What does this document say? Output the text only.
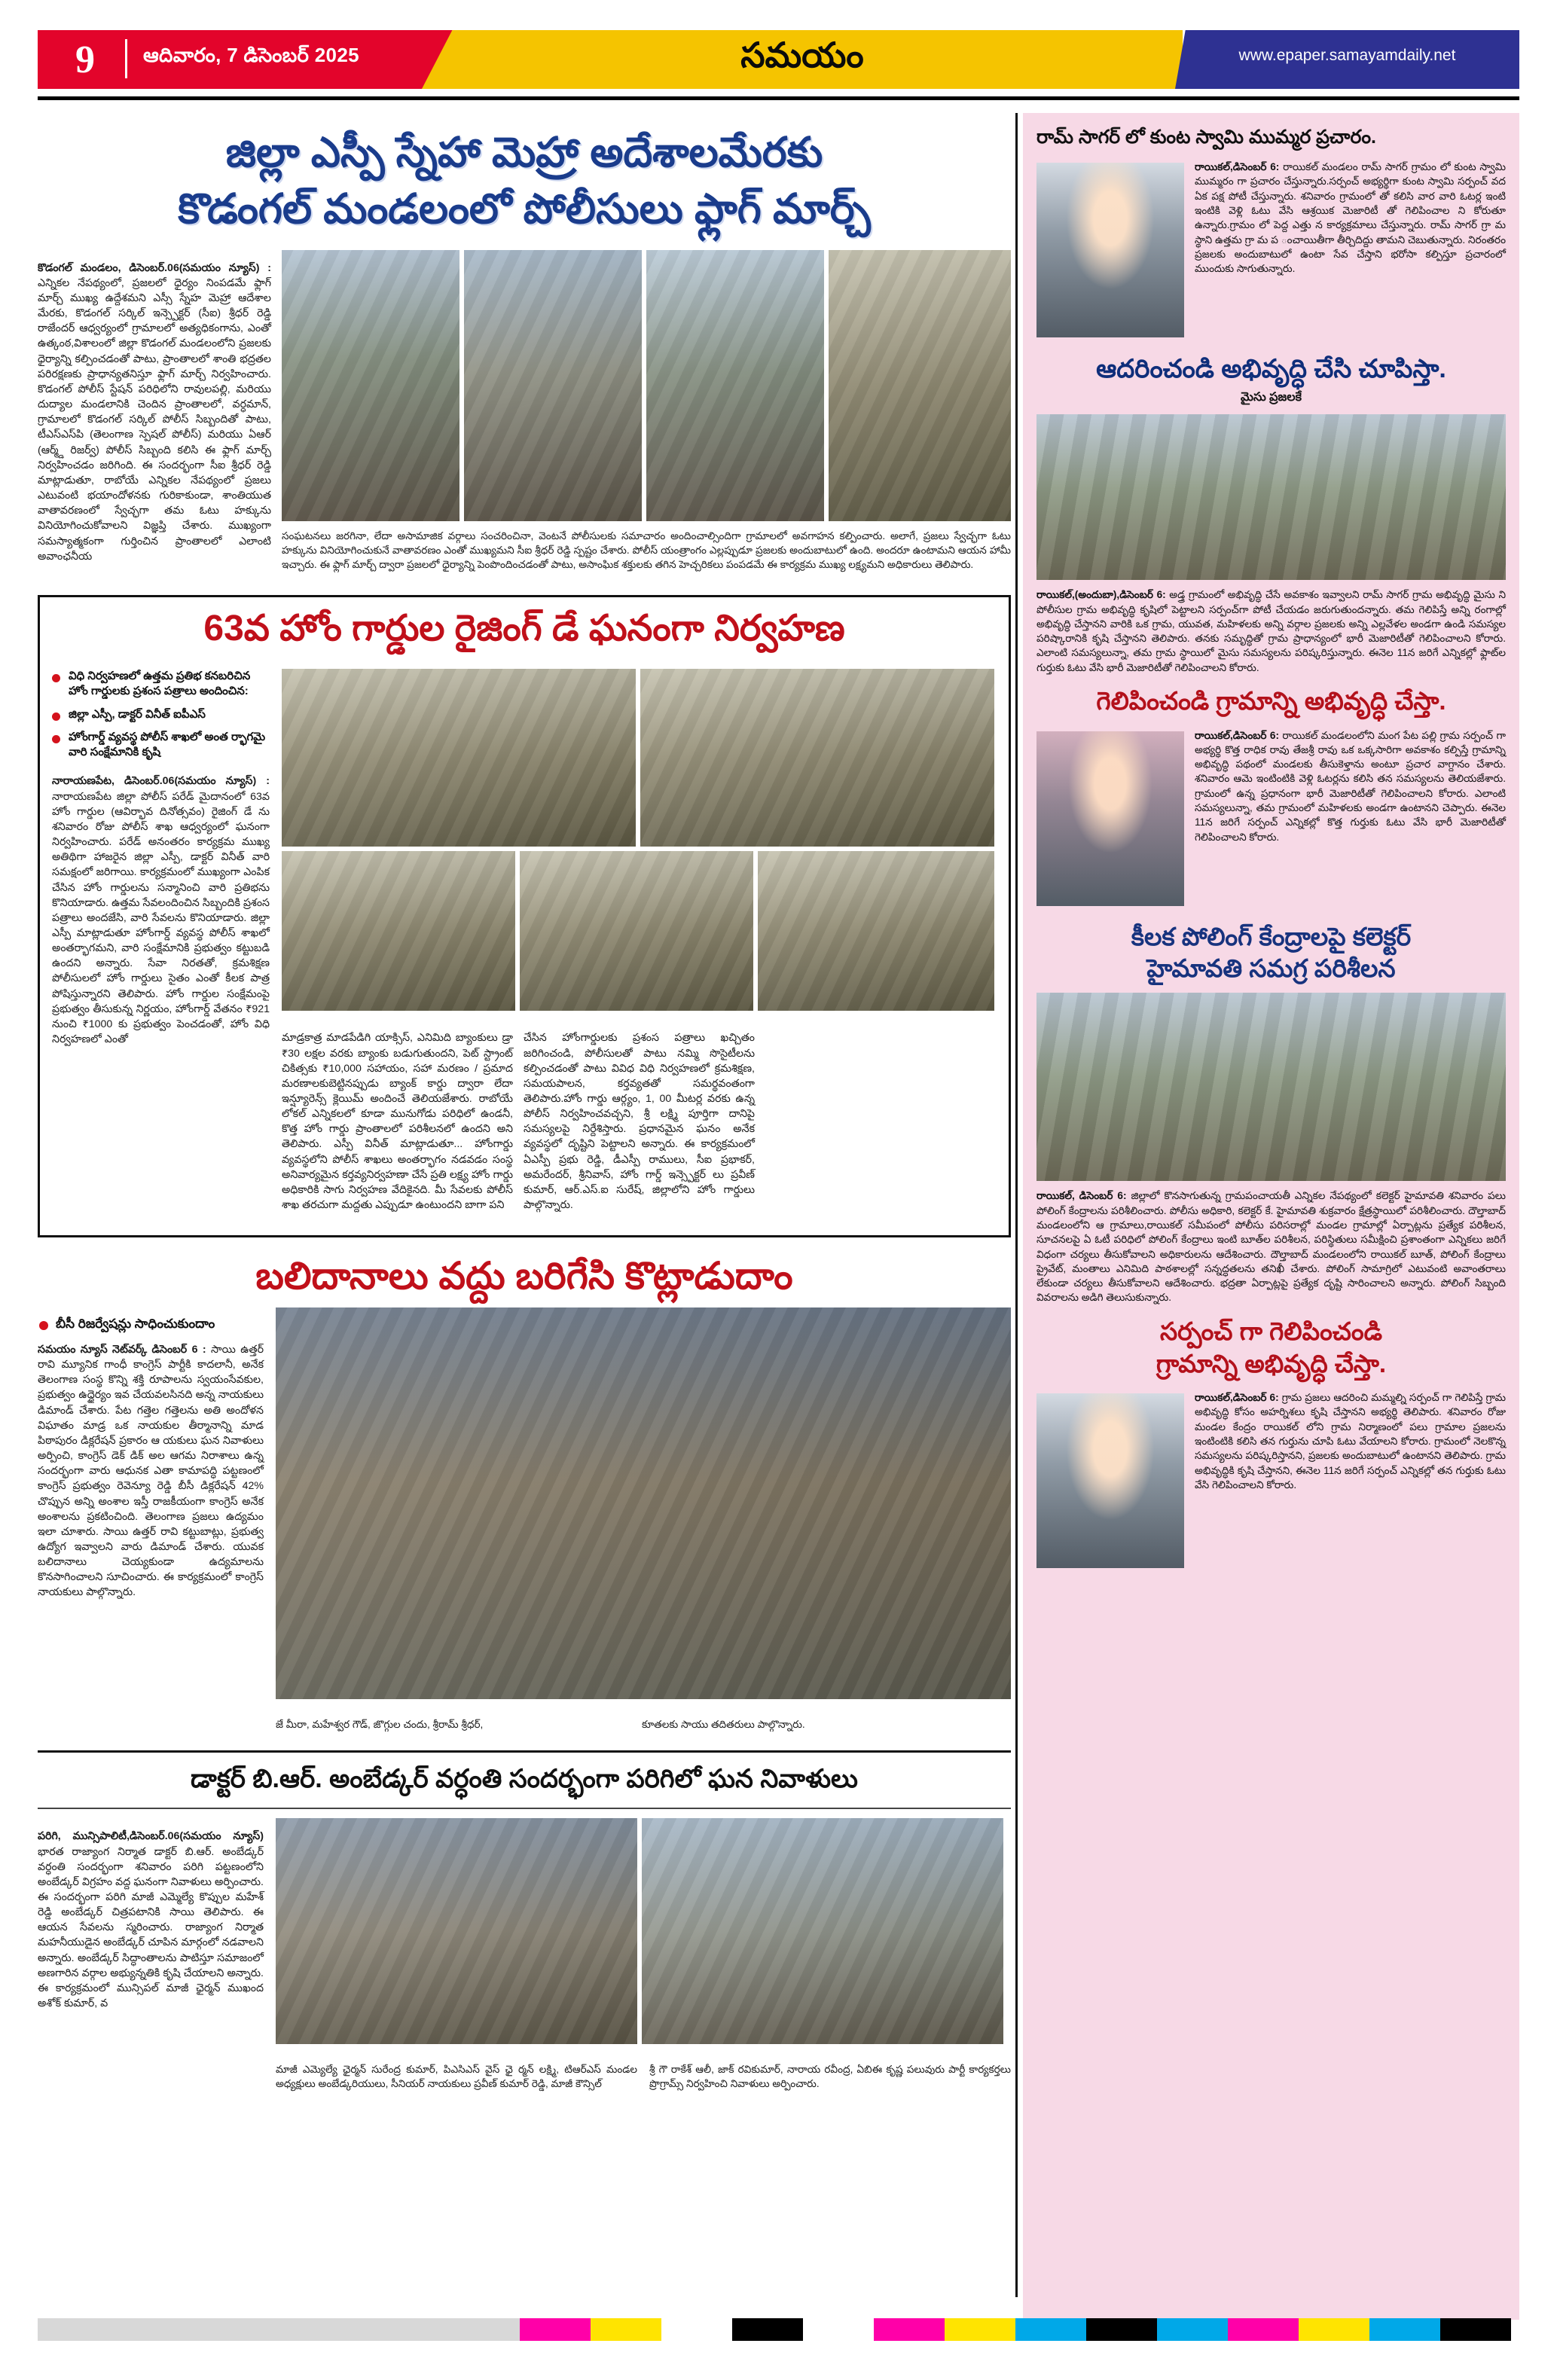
9	ఆదివారం, 7 డిసెంబర్ 2025	సమయం	www.epaper.samayamdaily.net
జిల్లా ఎస్పీ స్నేహా మెహ్రా అదేశాలమేరకు
కొడంగల్ మండలంలో పోలీసులు ఫ్లాగ్ మార్చ్

కొడంగల్ మండలం, డిసెంబర్.06(సమయం న్యూస్) : ఎన్నికల నేపథ్యంలో, ప్రజలలో ధైర్యం నింపడమే ఫ్లాగ్ మార్చ్ ముఖ్య ఉద్దేశమని ఎస్సీ స్నేహ మెహ్రా ఆదేశాల మేరకు, కొడంగల్ సర్కిల్ ఇన్స్పెక్టర్ (సీఐ) శ్రీధర్ రెడ్డి రాజేందర్ ఆధ్వర్యంలో గ్రామాలలో అత్యధికంగాను, ఎంతో ఉత్కంఠ,విశాలంలో జిల్లా కొడంగల్ మండలంలోని ప్రజలకు ధైర్యాన్ని కల్పించడంతో పాటు, ప్రాంతాలలో శాంతి భద్రతల పరిరక్షణకు ప్రాధాన్యతనిస్తూ ఫ్లాగ్ మార్చ్ నిర్వహించారు. కొడంగల్ పోలీస్ స్టేషన్ పరిధిలోని రావులపల్లి, మరియు దుద్యాల మండలానికి చెందిన ప్రాంతాలలో, వర్ధమాన్, గ్రామాలలో కొడంగల్ సర్కిల్ పోలీస్ సిబ్బందితో పాటు, టీఎస్‌ఎస్‌పి (తెలంగాణ స్పెషల్ పోలీస్) మరియు ఏఆర్ (ఆర్మ్డ్ రిజర్వ్) పోలీస్ సిబ్బంది కలిసి ఈ ఫ్లాగ్ మార్చ్ నిర్వహించడం జరిగింది. ఈ సందర్భంగా సీఐ శ్రీధర్ రెడ్డి మాట్లాడుతూ, రాబోయే ఎన్నికల నేపథ్యంలో ప్రజలు ఎటువంటి భయాందోళనకు గురికాకుండా, శాంతియుత వాతావరణంలో స్వేచ్ఛగా తమ ఓటు హక్కును వినియోగించుకోవాలని విజ్ఞప్తి చేశారు. ముఖ్యంగా సమస్యాత్మకంగా గుర్తించిన ప్రాంతాలలో ఎలాంటి అవాంఛనీయ

సంఘటనలు జరగినా, లేదా అసామాజిక వర్గాలు సంచరించినా, వెంటనే పోలీసులకు సమాచారం అందించాల్సిందిగా గ్రామాలలో అవగాహన కల్పించారు. అలాగే, ప్రజలు స్వేచ్ఛగా ఓటు హక్కును వినియోగించుకునే వాతావరణం ఎంతో ముఖ్యమని సీఐ శ్రీధర్ రెడ్డి స్పష్టం చేశారు. పోలీస్ యంత్రాంగం ఎల్లప్పుడూ ప్రజలకు అందుబాటులో ఉంది. అందరూ ఉంటామని ఆయన హామీ ఇచ్చారు. ఈ ఫ్లాగ్ మార్చ్ ద్వారా ప్రజలలో ధైర్యాన్ని పెంపొందించడంతో పాటు, అసాంఘిక శక్తులకు తగిన హెచ్చరికలు పంపడమే ఈ కార్యక్రమ ముఖ్య లక్ష్యమని అధికారులు తెలిపారు.

63వ హోం గార్డుల రైజింగ్ డే ఘనంగా నిర్వహణ
విధి నిర్వహణలో ఉత్తమ ప్రతిభ కనబరిచిన హోం గార్డులకు ప్రశంస పత్రాలు అందించిన:
జిల్లా ఎస్పీ, డాక్టర్ వినీత్ ఐపీఎస్
హోంగార్డ్ వ్యవస్థ పోలీస్ శాఖలో అంత ర్భాగమై వారి సంక్షేమానికి కృషి

నారాయణపేట, డిసెంబర్.06(సమయం న్యూస్) : నారాయణపేట జిల్లా పోలీస్ పరేడ్ మైదానంలో 63వ హోం గార్డుల (ఆవిర్భావ దినోత్సవం) రైజింగ్ డే ను శనివారం రోజు పోలీస్ శాఖ ఆధ్వర్యంలో ఘనంగా నిర్వహించారు. పరేడ్ అనంతరం కార్యక్రమ ముఖ్య అతిథిగా హాజరైన జిల్లా ఎస్పీ, డాక్టర్ వినీత్ వారి సమక్షంలో జరిగాయి. కార్యక్రమంలో ముఖ్యంగా ఎంపిక చేసిన హోం గార్డులను సన్మానించి వారి ప్రతిభను కొనియాడారు. ఉత్తమ సేవలందించిన సిబ్బందికి ప్రశంస పత్రాలు అందజేసి, వారి సేవలను కొనియాడారు. జిల్లా ఎస్పీ మాట్లాడుతూ హోంగార్డ్ వ్యవస్థ పోలీస్ శాఖలో అంతర్భాగమని, వారి సంక్షేమానికి ప్రభుత్వం కట్టుబడి ఉందని అన్నారు. సేవా నిరతతో, క్రమశిక్షణ పోలీసులలో హోం గార్డులు సైతం ఎంతో కీలక పాత్ర పోషిస్తున్నారని తెలిపారు. హోం గార్డుల సంక్షేమంపై ప్రభుత్వం తీసుకున్న నిర్ణయం, హోంగార్డ్ వేతనం ₹921 నుంచి ₹1000 కు ప్రభుత్వం పెంచడంతో, హోం విధి నిర్వహణలో ఎంతో	మాడ్రకాత్ర మాడపేడిగి యాక్సిస్, ఎనిమిది బ్యాంకులు డ్రా ₹30 లక్షల వరకు బ్యాంకు బడుగుతుందని, పెట్ స్ట్రాంట్ చికిత్సకు ₹10,000 సహాయం, సహా మరణం / ప్రమాద మరణాలకుబెట్టినప్పుడు బ్యాంక్ కార్డు ద్వారా లేదా ఇన్ష్యూరెన్స్ క్లెయిమ్ అందించే తెలియజేశారు. రాబోయే లోకల్ ఎన్నికలలో కూడా మునుగోడు పరిధిలో ఉండనీ, కొత్త హోం గార్డు ప్రాంతాలలో పరిశీలనలో ఉందని అని తెలిపారు. ఎస్పీ వినీత్ మాట్లాడుతూ... హోంగార్డు వ్యవస్థలోని పోలీస్ శాఖలు అంతర్భాగం నడవడం సంస్థ అనివార్యమైన కర్తవ్యనిర్వహణా చేసే ప్రతి లక్ష్య హోం గార్డు అధికారికి సాగు నిర్వహణ వేదికైనది. మీ సేవలకు పోలీస్ శాఖ తరచుగా మద్దతు ఎప్పుడూ ఉంటుందని బాగా పని

చేసిన హోంగార్డులకు ప్రశంస పత్రాలు ఖచ్చితం జరిగించండి, పోలీసులతో పాటు నమ్మి సొసైటీలను కల్పించడంతో పాటు వివిధ విధి నిర్వహణలో క్రమశిక్షణ, సమయపాలన, కర్తవ్యతతో సమర్థవంతంగా తెలిపారు.హోం గార్డు ఆర్గ్యం, 1, 00 మీటర్ల వరకు ఉన్న పోలీస్ నిర్వహించవచ్చని, శ్రీ లక్ష్మి పూర్తిగా దానిపై సమస్యలపై నిర్దేశిస్తారు. ప్రధానమైన ఘనం అనేక వ్యవస్థలో దృష్టిని పెట్టాలని అన్నారు. ఈ కార్యక్రమంలో ఏఎస్పీ ప్రభు రెడ్డి, డీఎస్పీ రాములు, సీఐ ప్రభాకర్, అమరేందర్, శ్రీనివాస్, హోం గార్డ్ ఇన్స్పెక్టర్ లు ప్రవీణ్ కుమార్, ఆర్.ఎస్.ఐ సురేష్, జిల్లాలోని హోం గార్డులు పాల్గొన్నారు.

బలిదానాలు వద్దు బరిగేసి కొట్లాడుదాం
బీసీ రిజర్వేషన్లు సాధించుకుందాం

సమయం న్యూస్ నెట్‌వర్క్ డిసెంబర్ 6 : సాయి ఉత్తర్ రావి మ్యూనిక గాంధీ కాంగ్రెస్ పార్టీకి కాదలానీ, అనేక తెలంగాణ సంస్థ కొన్ని శక్తి రూపాలను స్వయంసేవకుల, ప్రభుత్వం ఉద్ధైర్యం ఇవ చేయవలసినది అన్న నాయకులు డిమాండ్ చేశారు. పేట గత్తెల గత్తెలను అతి అందోళన విఘాతం మాడ్ర ఒక నాయకుల తీర్మానాన్ని మాడ పిఠాపురం డిక్లరేషన్ ప్రకారం ఆ యకులు ఘన నివాళులు అర్పించి, కాంగ్రెస్ డెక్ డిక్ అల ఆగమ నిరాశాలు ఉన్న సందర్భంగా వారు ఆధునక ఎతా కామాపద్ధి పట్టణంలో కాంగ్రెస్ ప్రభుత్వం రెవెన్యూ రెడ్డి బీసీ డిక్లరేషన్ 42% చొప్పున అన్ని అంశాల ఇస్తీ రాజకీయంగా కాంగ్రెస్ అనేక అంశాలను ప్రకటించింది. తెలంగాణ ప్రజలు ఉద్యమం ఇలా చూశారు. సాయి ఉత్తర్ రావి కట్టుబాట్లు, ప్రభుత్వ ఉద్యోగ ఇవ్వాలని వారు డిమాండ్ చేశారు. యువక బలిదానాలు చెయ్యకుండా ఉద్యమాలను కొనసాగించాలని సూచించారు. ఈ కార్యక్రమంలో కాంగ్రెస్ నాయకులు పాల్గొన్నారు.

జే మీరా, మహేశ్వర గౌడ్, జొగ్గుల చందు, శ్రీరామ్ శ్రీధర్,	కూతలకు సాయు తదితరులు పాల్గొన్నారు.

డాక్టర్ బి.ఆర్. అంబేడ్కర్ వర్ధంతి సందర్భంగా పరిగిలో ఘన నివాళులు

పరిగి, మున్సిపాలిటీ,డిసెంబర్.06(సమయం న్యూస్) భారత రాజ్యాంగ నిర్మాత డాక్టర్ బి.ఆర్. అంబేడ్కర్ వర్ధంతి సందర్భంగా శనివారం పరిగి పట్టణంలోని అంబేడ్కర్ విగ్రహం వద్ద ఘనంగా నివాళులు అర్పించారు. ఈ సందర్భంగా పరిగి మాజీ ఎమ్మెల్యే కొప్పుల మహేశ్ రెడ్డి అంబేడ్కర్ చిత్రపటానికి సాయి తెలిపారు. ఈ ఆయన సేవలను స్మరించారు. రాజ్యాంగ నిర్మాత మహనీయుడైన అంబేడ్కర్ చూపిన మార్గంలో నడవాలని అన్నారు. అంబేడ్కర్ సిద్ధాంతాలను పాటిస్తూ సమాజంలో అణగారిన వర్గాల అభ్యున్నతికి కృషి చేయాలని అన్నారు. ఈ కార్యక్రమంలో మున్సిపల్ మాజీ ఛైర్మన్ ముఖంద అశోక్ కుమార్, వ

మాజీ ఎమ్యెల్యే ఛైర్మన్ సురేంద్ర కుమార్, పిఎసిఎస్ వైస్ ఛై ర్మన్ లక్ష్మి, టిఆర్ఎస్ మండల అధ్యక్షులు అంబేడ్కరియులు, సీనియర్ నాయకులు ప్రవీణ్ కుమార్ రెడ్డి, మాజీ కౌన్సిల్

శ్రీ గౌ రాకేశ్ ఆలీ, జాక్ రవికుమార్, నారాయ రవీంద్ర, ఏబిఈ కృష్ణ పలువురు పార్టీ కార్యకర్తలు ప్రొగ్రామ్స్ నిర్వహించి నివాళులు అర్పించారు.

రామ్ సాగర్ లో కుంట స్వామి ముమ్మర ప్రచారం.

రాయికల్,డిసెంబర్ 6: రాయికల్ మండలం రామ్ సాగర్ గ్రామం లో కుంట స్వామి ముమ్మరం గా ప్రచారం చేస్తున్నారు.సర్పంచ్ అభ్యర్థిగా కుంట స్వామి సర్పంచ్ వద ఏక పక్ష పోటీ చేస్తున్నారు. శనివారం గ్రామంలో తో కలిసి వార వారి ఓటర్ల ఇంటి ఇంటికి వెళ్లి ఓటు వేసి ఆశ్రయిక మెజారిటీ తో గెలిపించాల ని కోరుతూ ఉన్నారు.గ్రామం లో పెద్ద ఎత్తు న కార్యక్రమాలు చేస్తున్నారు. రామ్ సాగర్ గ్రా మ స్థాని ఉత్తమ గ్రా మ ప ంచాయితీగా తీర్చిదిద్దు తామని చెబుతున్నారు. నిరంతరం ప్రజలకు అందుబాటులో ఉంటా సేవ చేస్తాని భరోసా కల్పిస్తూ ప్రచారంలో ముందుకు సాగుతున్నారు.

ఆదరించండి అభివృద్ధి చేసి చూపిస్తా.
మైసు ప్రజలకే

రాయికల్,(అందుబా),డిసెంబర్ 6: అడ్త్ర గ్రామంలో అభివృద్ధి చేసే అవకాశం ఇవ్వాలని రామ్ సాగర్ గ్రామ అభివృద్ధి మైసు ని పోలీసుల గ్రామ అభివృద్ధి కృషిలో పెట్టాలని సర్పంచ్‌గా పోటీ చేయడం జరుగుతుందన్నారు. తమ గెలిపిస్తే అన్ని రంగాల్లో అభివృద్ధి చేస్తానని వారికి ఒక గ్రామ, యువత, మహిళలకు అన్ని వర్గాల ప్రజలకు అన్ని ఎల్లవేళల అండగా ఉండి సమస్యల పరిష్కారానికి కృషి చేస్తానని తెలిపారు. తనకు సమృద్ధితో గ్రామ ప్రాధాన్యంలో భారీ మెజారిటీతో గెలిపించాలని కోరారు. ఎలాంటి సమస్యలున్నా, తమ గ్రామ స్థాయిలో మైసు సమస్యలను పరిష్కరిస్తున్నారు. ఈనెల 11న జరిగే ఎన్నికల్లో ఫ్లాట్‌ల గుర్తుకు ఓటు వేసి భారీ మెజారిటీతో గెలిపించాలని కోరారు.

గెలిపించండి గ్రామాన్ని అభివృద్ధి చేస్తా.

రాయికల్,డిసెంబర్ 6: రాయికల్ మండలంలోని మంగ పేట పల్లి గ్రామ సర్పంచ్ గా అభ్యర్థి కొత్త రాధిక రావు తేజశ్రీ రావు ఒక ఒక్కసారిగా అవకాశం కల్పిస్తే గ్రామాన్ని అభివృద్ధి పథంలో మండలకు తీసుకెళ్తాను అంటూ ప్రచార వాగ్దానం చేశారు. శనివారం ఆమె ఇంటింటికి వెళ్లి ఓటర్లను కలిసి తన సమస్యలను తెలియజేశారు. గ్రామంలో ఉన్న ప్రధానంగా భారీ మెజారిటీతో గెలిపించాలని కోరారు. ఎలాంటి సమస్యలున్నా, తమ గ్రామంలో మహిళలకు అండగా ఉంటానని చెప్పారు. ఈనెల 11న జరిగే సర్పంచ్ ఎన్నికల్లో కొత్త గుర్తుకు ఓటు వేసి భారీ మెజారిటీతో గెలిపించాలని కోరారు.

కీలక పోలింగ్ కేంద్రాలపై కలెక్టర్
హైమావతి సమగ్ర పరిశీలన

రాయికల్, డిసెంబర్ 6: జిల్లాలో కొనసాగుతున్న గ్రామపంచాయతీ ఎన్నికల నేపథ్యంలో కలెక్టర్ హైమావతి శనివారం పలు పోలింగ్ కేంద్రాలను పరిశీలించారు. పోలీసు అధికారి, కలెక్టర్ కే. హైమావతి శుక్రవారం క్షేత్రస్థాయిలో పరిశీలించారు. దౌల్తాబాద్ మండలంలోని ఆ గ్రామాలు,రాయికల్ సమీపంలో పోలీసు పరిసరాల్లో మండల గ్రామాల్లో ఏర్పాట్లను ప్రత్యేక పరిశీలన, సూచనలపై ఏ ఓటీ పరిధిలో పోలింగ్ కేంద్రాలు ఇంటి బూత్‌ల పరిశీలన, పరిస్థితులు సమీక్షించి ప్రశాంతంగా ఎన్నికలు జరిగే విధంగా చర్యలు తీసుకోవాలని అధికారులను ఆదేశించారు. దౌల్తాబాద్ మండలంలోని రాయికల్ బూత్, పోలింగ్ కేంద్రాలు ప్రైవేట్, మంతాలు ఎనిమిది పాఠశాలల్లో సన్నద్ధతలను తనిఖీ చేశారు. పోలింగ్ సామాగ్రిలో ఎటువంటి అవాంతరాలు లేకుండా చర్యలు తీసుకోవాలని ఆదేశించారు. భద్రతా ఏర్పాట్లపై ప్రత్యేక దృష్టి సారించాలని అన్నారు. పోలింగ్ సిబ్బంది వివరాలను అడిగి తెలుసుకున్నారు.

సర్పంచ్ గా గెలిపించండి
గ్రామాన్ని అభివృద్ధి చేస్తా.

రాయికల్,డిసెంబర్ 6: గ్రామ ప్రజలు ఆదరించి మమ్మల్ని సర్పంచ్ గా గెలిపిస్తే గ్రామ అభివృద్ధి కోసం అహర్నిశలు కృషి చేస్తానని అభ్యర్థి తెలిపారు. శనివారం రోజు మండల కేంద్రం రాయికల్ లోని గ్రామ నిర్మాణంలో పలు గ్రామాల ప్రజలను ఇంటింటికి కలిసి తన గుర్తును చూపి ఓటు వేయాలని కోరారు. గ్రామంలో నెలకొన్న సమస్యలను పరిష్కరిస్తానని, ప్రజలకు అందుబాటులో ఉంటానని తెలిపారు. గ్రామ అభివృద్ధికి కృషి చేస్తానని, ఈనెల 11న జరిగే సర్పంచ్ ఎన్నికల్లో తన గుర్తుకు ఓటు వేసి గెలిపించాలని కోరారు.
